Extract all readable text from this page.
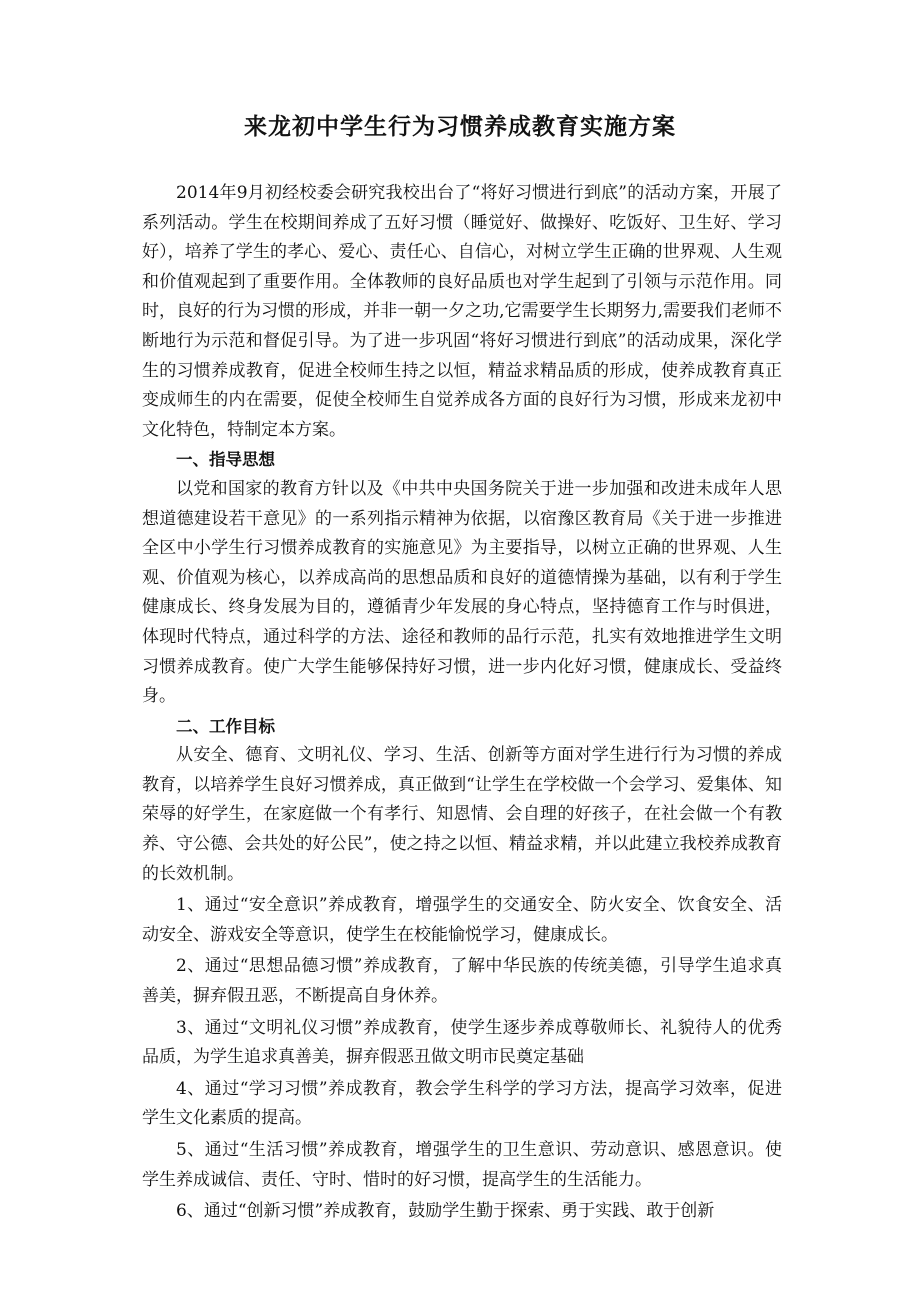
来龙初中学生行为习惯养成教育实施方案

2014年9月初经校委会研究我校出台了“将好习惯进行到底”的活动方案，开展了系列活动。学生在校期间养成了五好习惯（睡觉好、做操好、吃饭好、卫生好、学习好），培养了学生的孝心、爱心、责任心、自信心，对树立学生正确的世界观、人生观和价值观起到了重要作用。全体教师的良好品质也对学生起到了引领与示范作用。同时，良好的行为习惯的形成，并非一朝一夕之功,它需要学生长期努力,需要我们老师不断地行为示范和督促引导。为了进一步巩固“将好习惯进行到底”的活动成果，深化学生的习惯养成教育，促进全校师生持之以恒，精益求精品质的形成，使养成教育真正变成师生的内在需要，促使全校师生自觉养成各方面的良好行为习惯，形成来龙初中文化特色，特制定本方案。

一、指导思想

以党和国家的教育方针以及《中共中央国务院关于进一步加强和改进未成年人思想道德建设若干意见》的一系列指示精神为依据，以宿豫区教育局《关于进一步推进全区中小学生行习惯养成教育的实施意见》为主要指导，以树立正确的世界观、人生观、价值观为核心，以养成高尚的思想品质和良好的道德情操为基础，以有利于学生健康成长、终身发展为目的，遵循青少年发展的身心特点，坚持德育工作与时俱进，体现时代特点，通过科学的方法、途径和教师的品行示范，扎实有效地推进学生文明习惯养成教育。使广大学生能够保持好习惯，进一步内化好习惯，健康成长、受益终身。

二、工作目标

从安全、德育、文明礼仪、学习、生活、创新等方面对学生进行行为习惯的养成教育，以培养学生良好习惯养成，真正做到“让学生在学校做一个会学习、爱集体、知荣辱的好学生，在家庭做一个有孝行、知恩情、会自理的好孩子，在社会做一个有教养、守公德、会共处的好公民”，使之持之以恒、精益求精，并以此建立我校养成教育的长效机制。

1、通过“安全意识”养成教育，增强学生的交通安全、防火安全、饮食安全、活动安全、游戏安全等意识，使学生在校能愉悦学习，健康成长。

2、通过“思想品德习惯”养成教育，了解中华民族的传统美德，引导学生追求真善美，摒弃假丑恶，不断提高自身休养。

3、通过“文明礼仪习惯”养成教育，使学生逐步养成尊敬师长、礼貌待人的优秀品质，为学生追求真善美，摒弃假恶丑做文明市民奠定基础

4、通过“学习习惯”养成教育，教会学生科学的学习方法，提高学习效率，促进学生文化素质的提高。

5、通过“生活习惯”养成教育，增强学生的卫生意识、劳动意识、感恩意识。使学生养成诚信、责任、守时、惜时的好习惯，提高学生的生活能力。

6、通过“创新习惯”养成教育，鼓励学生勤于探索、勇于实践、敢于创新
